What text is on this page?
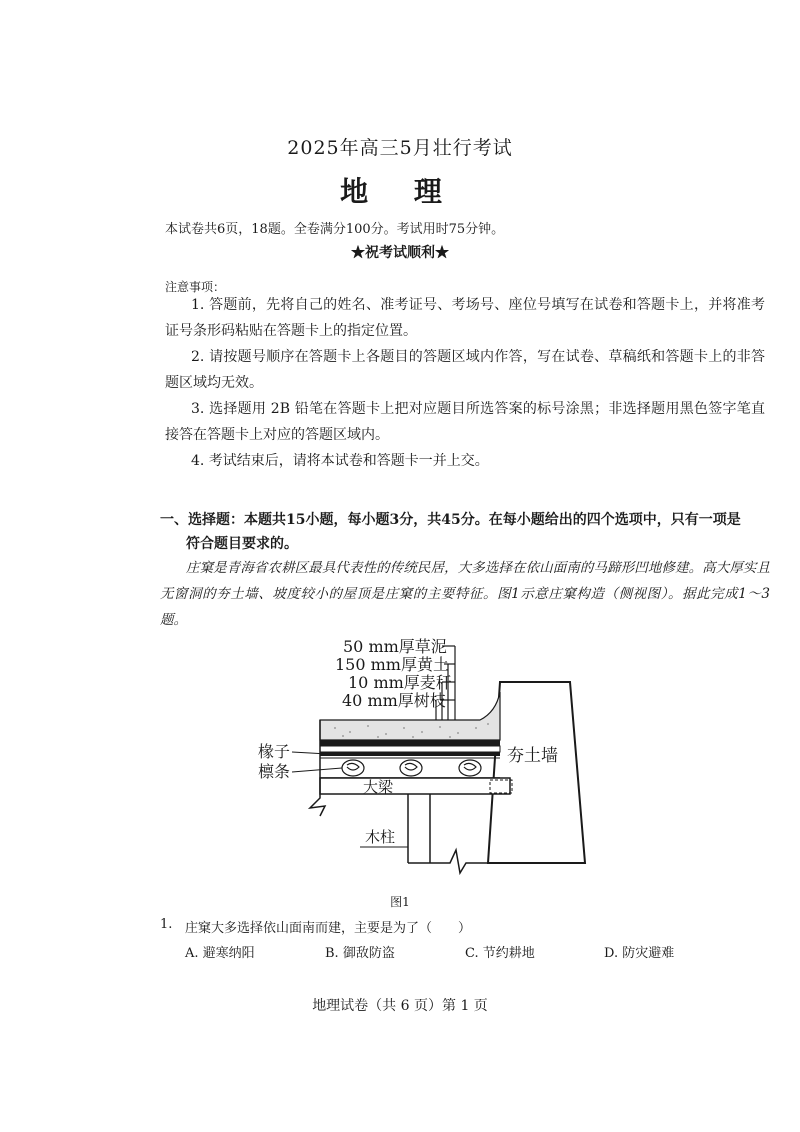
2025年高三5月壮行考试
地 理
本试卷共6页，18题。全卷满分100分。考试用时75分钟。
★祝考试顺利★
注意事项：

1. 答题前，先将自己的姓名、准考证号、考场号、座位号填写在试卷和答题卡上，并将准考证号条形码粘贴在答题卡上的指定位置。

2. 请按题号顺序在答题卡上各题目的答题区域内作答，写在试卷、草稿纸和答题卡上的非答题区域均无效。

3. 选择题用 2B 铅笔在答题卡上把对应题目所选答案的标号涂黑；非选择题用黑色签字笔直接答在答题卡上对应的答题区域内。

4. 考试结束后，请将本试卷和答题卡一并上交。

一、选择题：本题共15小题，每小题3分，共45分。在每小题给出的四个选项中，只有一项是
符合题目要求的。

庄窠是青海省农耕区最具代表性的传统民居，大多选择在依山面南的马蹄形凹地修建。高大厚实且无窗洞的夯土墙、坡度较小的屋顶是庄窠的主要特征。图1示意庄窠构造（侧视图）。据此完成1～3题。

50 mm厚草泥
150 mm厚黄土
10 mm厚麦秆
40 mm厚树枝
夯土墙
大梁
木柱
椽子
檩条
图1
1. 庄窠大多选择依山面南而建，主要是为了（　　）
A. 避寒纳阳	B. 御敌防盗	C. 节约耕地	D. 防灾避难
地理试卷（共 6 页）第 1 页
